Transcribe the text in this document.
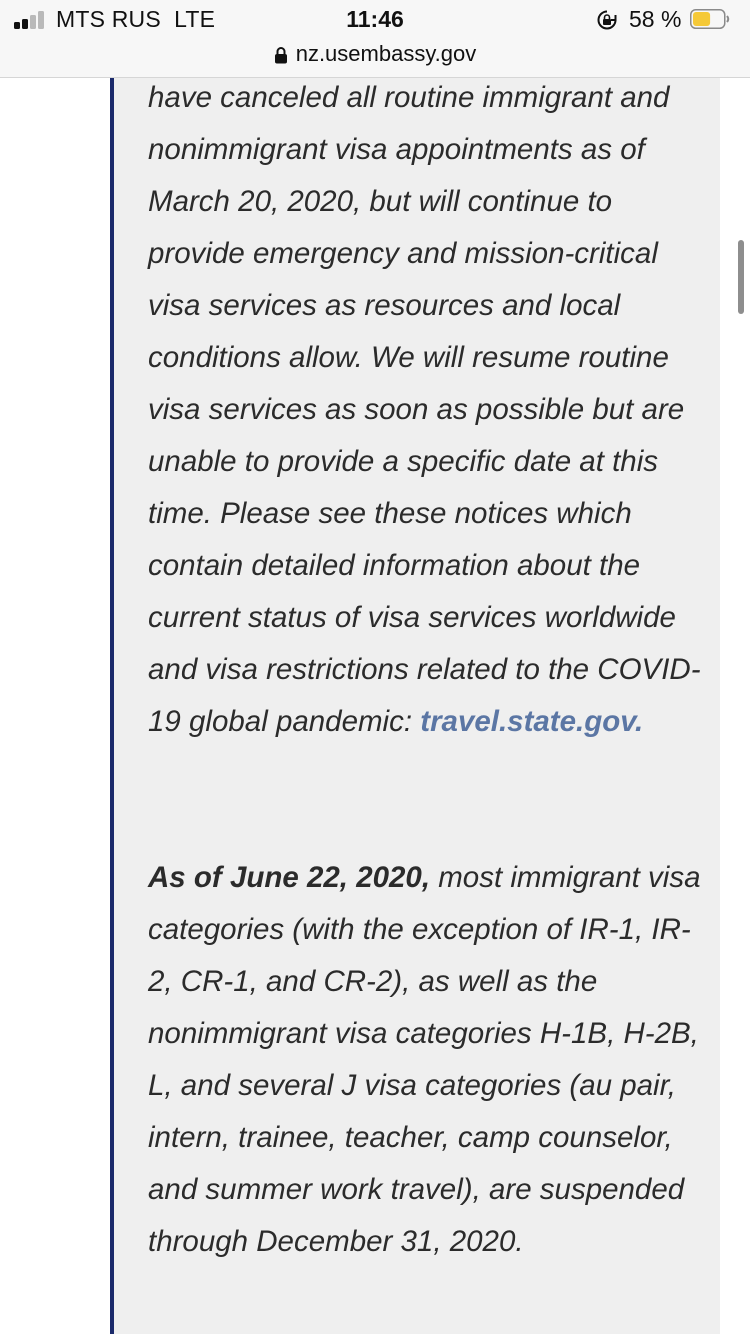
MTS RUS LTE	11:46	58 %
nz.usembassy.gov

have canceled all routine immigrant and nonimmigrant visa appointments as of March 20, 2020, but will continue to provide emergency and mission-critical visa services as resources and local conditions allow. We will resume routine visa services as soon as possible but are unable to provide a specific date at this time. Please see these notices which contain detailed information about the current status of visa services worldwide and visa restrictions related to the COVID-19 global pandemic: travel.state.gov.

As of June 22, 2020, most immigrant visa categories (with the exception of IR-1, IR-2, CR-1, and CR-2), as well as the nonimmigrant visa categories H-1B, H-2B, L, and several J visa categories (au pair, intern, trainee, teacher, camp counselor, and summer work travel), are suspended through December 31, 2020.
